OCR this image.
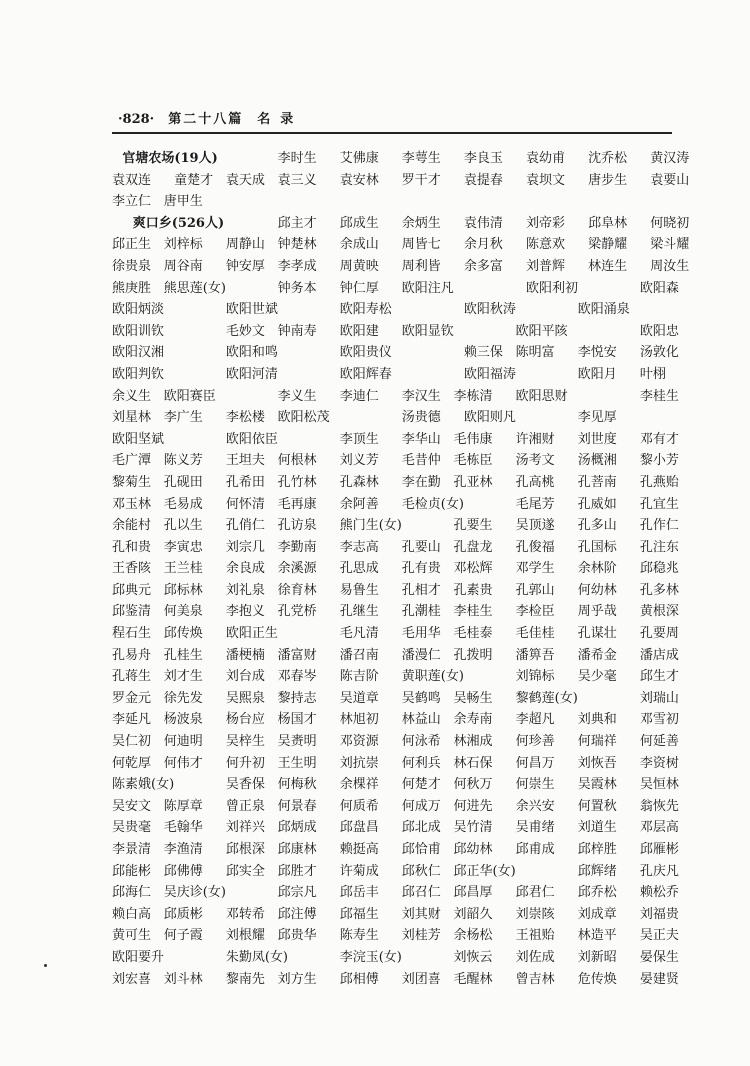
·828· 第二十八篇 名录
官塘农场(19人)	李时生 艾佛康 李萼生 李良玉 袁幼甫 沈乔松 黄汉涛
袁双连 童楚才 袁天成 袁三义 袁安林 罗干才 袁提春 袁坝文 唐步生 袁要山
李立仁 唐甲生
爽口乡(526人)	邱主才 邱成生 余炳生 袁伟清 刘帝彩 邱阜林 何晓初
邱正生 刘梓标 周静山 钟楚林 余成山 周皆七 余月秋 陈意欢 梁静耀 梁斗耀
徐贵泉 周谷南 钟安厚 李孝成 周黄映 周利皆 余多富 刘普辉 林连生 周汝生
熊庚胜 熊思莲(女)	钟务本 钟仁厚 欧阳注凡	欧阳利初	欧阳森
欧阳炳淡	欧阳世斌	欧阳寿松	欧阳秋涛	欧阳涌泉
欧阳训钦	毛妙文 钟南寿 欧阳建 欧阳显钦	欧阳平陔	欧阳忠
欧阳汉湘	欧阳和鸣	欧阳贵仪	赖三保 陈明富 李悦安 汤敦化
欧阳判钦	欧阳河清	欧阳辉春	欧阳福涛	欧阳月 叶栩
余义生 欧阳赛臣	李义生 李迪仁 李汉生 李栋清 欧阳思财	李桂生
刘星林 李广生 李松楼 欧阳松茂	汤贵德 欧阳则凡	李见厚
欧阳坚斌	欧阳依臣	李顶生 李华山 毛伟康 许湘财 刘世度 邓有才
毛广潭 陈义芳 王坦夫 何根林 刘义芳 毛昔仲 毛栋臣 汤考文 汤概湘 黎小芳
黎菊生 孔砚田 孔希田 孔竹林 孔森林 李在勤 孔亚林 孔高桃 孔菩南 孔燕贻
邓玉林 毛易成 何怀清 毛再康 余阿善 毛检贞(女)	毛尾芳 孔威如 孔宜生
余能村 孔以生 孔俏仁 孔访泉 熊门生(女)	孔要生 吴顶遂 孔多山 孔作仁
孔和贵 李寅忠 刘宗几 李勤南 李志高 孔要山 孔盘龙 孔俊福 孔国标 孔注东
王香陔 王兰桂 余良成 余溪源 孔思成 孔有贵 邓松辉 邓学生 余林阶 邱稳兆
邱典元 邱标林 刘礼泉 徐育林 易鲁生 孔相才 孔素贵 孔郭山 何幼林 孔多林
邱鉴清 何美泉 李抱义 孔党桥 孔继生 孔潮桂 李桂生 李检臣 周乎哉 黄根深
程石生 邱传焕 欧阳正生	毛凡清 毛用华 毛桂泰 毛佳桂 孔谋壮 孔要周
孔易舟 孔桂生 潘梗楠 潘富财 潘召南 潘漫仁 孔拨明 潘箅吾 潘希金 潘店成
孔蒋生 刘才生 刘台成 邓春岑 陈吉阶 黄职莲(女)	刘锦标 吴少毫 邱生才
罗金元 徐先发 吴熙泉 黎持志 吴道章 吴鹤鸣 吴畅生 黎鹤莲(女)	刘瑞山
李延凡 杨波泉 杨台应 杨国才 林旭初 林益山 余寿南 李超凡 刘典和 邓雪初
吴仁初 何迪明 吴梓生 吴赉明 邓资源 何泳希 林湘成 何珍善 何瑞祥 何延善
何乾厚 何伟才 何升初 王生明 刘抗崇 何利兵 林石保 何昌万 刘恢吾 李资树
陈素娥(女)	吴香保 何梅秋 余棵祥 何楚才 何秋万 何崇生 吴霞林 吴恒林
吴安文 陈厚章 曾正泉 何景春 何质希 何成万 何进先 余兴安 何置秋 翁恢先
吴贵毫 毛翰华 刘祥兴 邱炳成 邱盘昌 邱北成 吴竹清 吴甫绪 刘道生 邓层高
李景清 李渔清 邱根深 邱康林 赖挺高 邱恰甫 邱幼林 邱甫成 邱梓胜 邱雁彬
邱能彬 邱佛傅 邱实全 邱胜才 许菊成 邱秋仁 邱正华(女)	邱辉绪 孔庆凡
邱海仁 吴庆诊(女)	邱宗凡 邱岳丰 邱召仁 邱昌厚 邱君仁 邱乔松 赖松乔
赖白高 邱质彬 邓转希 邱注傅 邱福生 刘其财 刘韶久 刘崇陔 刘成章 刘福贵
黄可生 何子霞 刘根耀 邱贵华 陈寿生 刘桂芳 余杨松 王祖贻 林造平 吴正夫
欧阳要升	朱勤凤(女)	李浣玉(女)	刘恢云 刘佐成 刘新昭 晏保生
刘宏喜 刘斗林 黎南先 刘方生 邱相傅 刘团喜 毛醒林 曾吉林 危传焕 晏建贤
